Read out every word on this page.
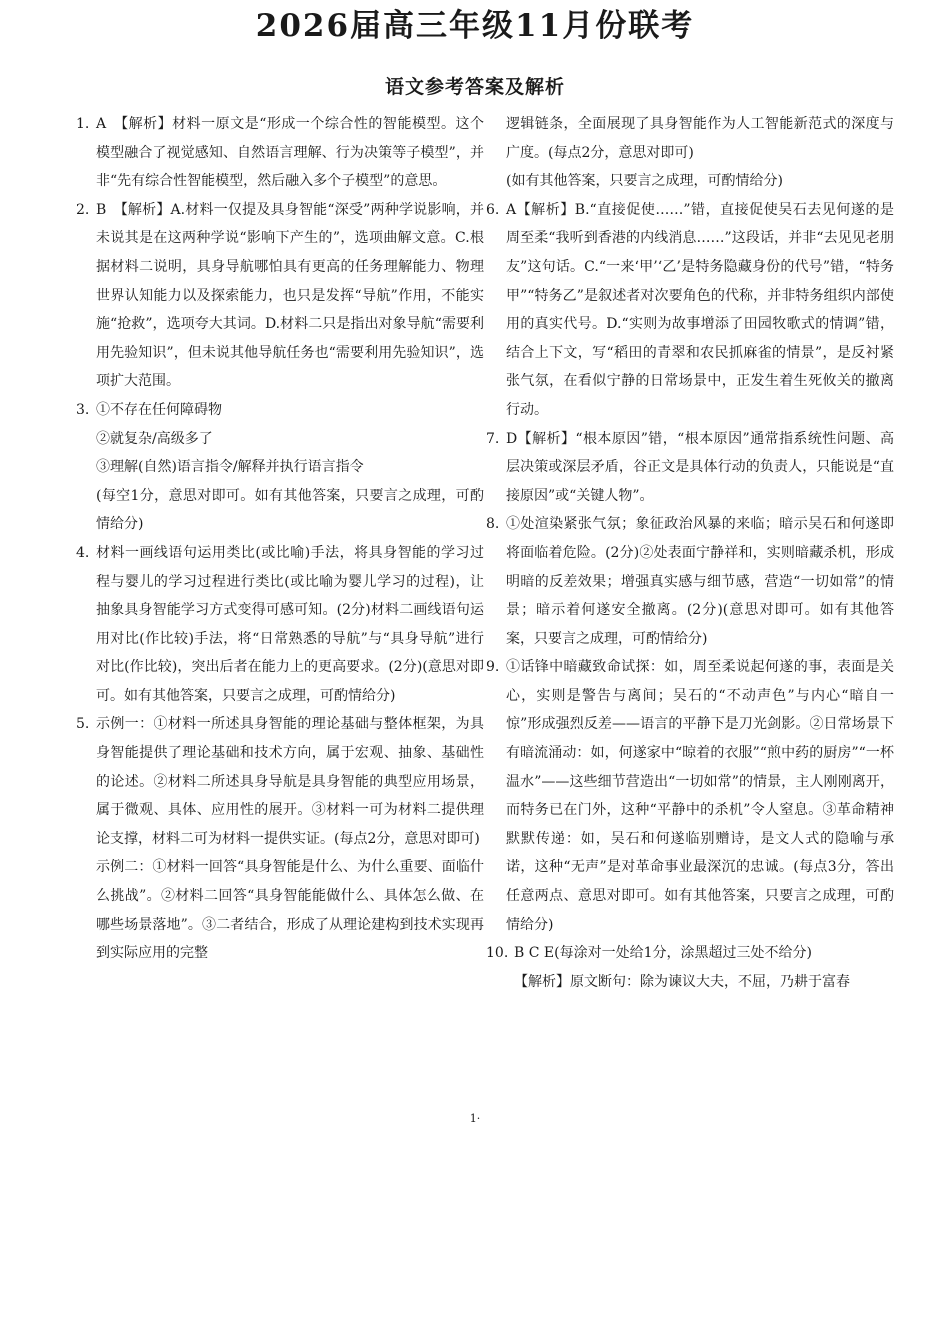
2026届高三年级11月份联考
语文参考答案及解析
1. A　【解析】材料一原文是“形成一个综合性的智能模型。这个模型融合了视觉感知、自然语言理解、行为决策等子模型”，并非“先有综合性智能模型，然后融入多个子模型”的意思。

2. B　【解析】A.材料一仅提及具身智能“深受”两种学说影响，并未说其是在这两种学说“影响下产生的”，选项曲解文意。C.根据材料二说明，具身导航哪怕具有更高的任务理解能力、物理世界认知能力以及探索能力，也只是发挥“导航”作用，不能实施“抢救”，选项夸大其词。D.材料二只是指出对象导航“需要利用先验知识”，但未说其他导航任务也“需要利用先验知识”，选项扩大范围。

3. ①不存在任何障碍物

②就复杂/高级多了

③理解(自然)语言指令/解释并执行语言指令

(每空1分，意思对即可。如有其他答案，只要言之成理，可酌情给分)

4. 材料一画线语句运用类比(或比喻)手法，将具身智能的学习过程与婴儿的学习过程进行类比(或比喻为婴儿学习的过程)，让抽象具身智能学习方式变得可感可知。(2分)材料二画线语句运用对比(作比较)手法，将“日常熟悉的导航”与“具身导航”进行对比(作比较)，突出后者在能力上的更高要求。(2分)(意思对即可。如有其他答案，只要言之成理，可酌情给分)

5. 示例一：①材料一所述具身智能的理论基础与整体框架，为具身智能提供了理论基础和技术方向，属于宏观、抽象、基础性的论述。②材料二所述具身导航是具身智能的典型应用场景，属于微观、具体、应用性的展开。③材料一可为材料二提供理论支撑，材料二可为材料一提供实证。(每点2分，意思对即可)

示例二：①材料一回答“具身智能是什么、为什么重要、面临什么挑战”。②材料二回答“具身智能能做什么、具体怎么做、在哪些场景落地”。③二者结合，形成了从理论建构到技术实现再到实际应用的完整

逻辑链条，全面展现了具身智能作为人工智能新范式的深度与广度。(每点2分，意思对即可)

(如有其他答案，只要言之成理，可酌情给分)

6. A【解析】B.“直接促使……”错，直接促使吴石去见何遂的是周至柔“我听到香港的内线消息……”这段话，并非“去见见老朋友”这句话。C.“一来‘甲’‘乙’是特务隐藏身份的代号”错，“特务甲”“特务乙”是叙述者对次要角色的代称，并非特务组织内部使用的真实代号。D.“实则为故事增添了田园牧歌式的情调”错，结合上下文，写“稻田的青翠和农民抓麻雀的情景”，是反衬紧张气氛，在看似宁静的日常场景中，正发生着生死攸关的撤离行动。

7. D【解析】“根本原因”错，“根本原因”通常指系统性问题、高层决策或深层矛盾，谷正文是具体行动的负责人，只能说是“直接原因”或“关键人物”。

8. ①处渲染紧张气氛；象征政治风暴的来临；暗示吴石和何遂即将面临着危险。(2分)②处表面宁静祥和，实则暗藏杀机，形成明暗的反差效果；增强真实感与细节感，营造“一切如常”的情景；暗示着何遂安全撤离。(2分)(意思对即可。如有其他答案，只要言之成理，可酌情给分)

9. ①话锋中暗藏致命试探：如，周至柔说起何遂的事，表面是关心，实则是警告与离间；吴石的“不动声色”与内心“暗自一惊”形成强烈反差——语言的平静下是刀光剑影。②日常场景下有暗流涌动：如，何遂家中“晾着的衣服”“煎中药的厨房”“一杯温水”——这些细节营造出“一切如常”的情景，主人刚刚离开，而特务已在门外，这种“平静中的杀机”令人窒息。③革命精神默默传递：如，吴石和何遂临别赠诗，是文人式的隐喻与承诺，这种“无声”是对革命事业最深沉的忠诚。(每点3分，答出任意两点、意思对即可。如有其他答案，只要言之成理，可酌情给分)

10. B C E(每涂对一处给1分，涂黑超过三处不给分)

【解析】原文断句：除为谏议大夫，不屈，乃耕于富春

1·
